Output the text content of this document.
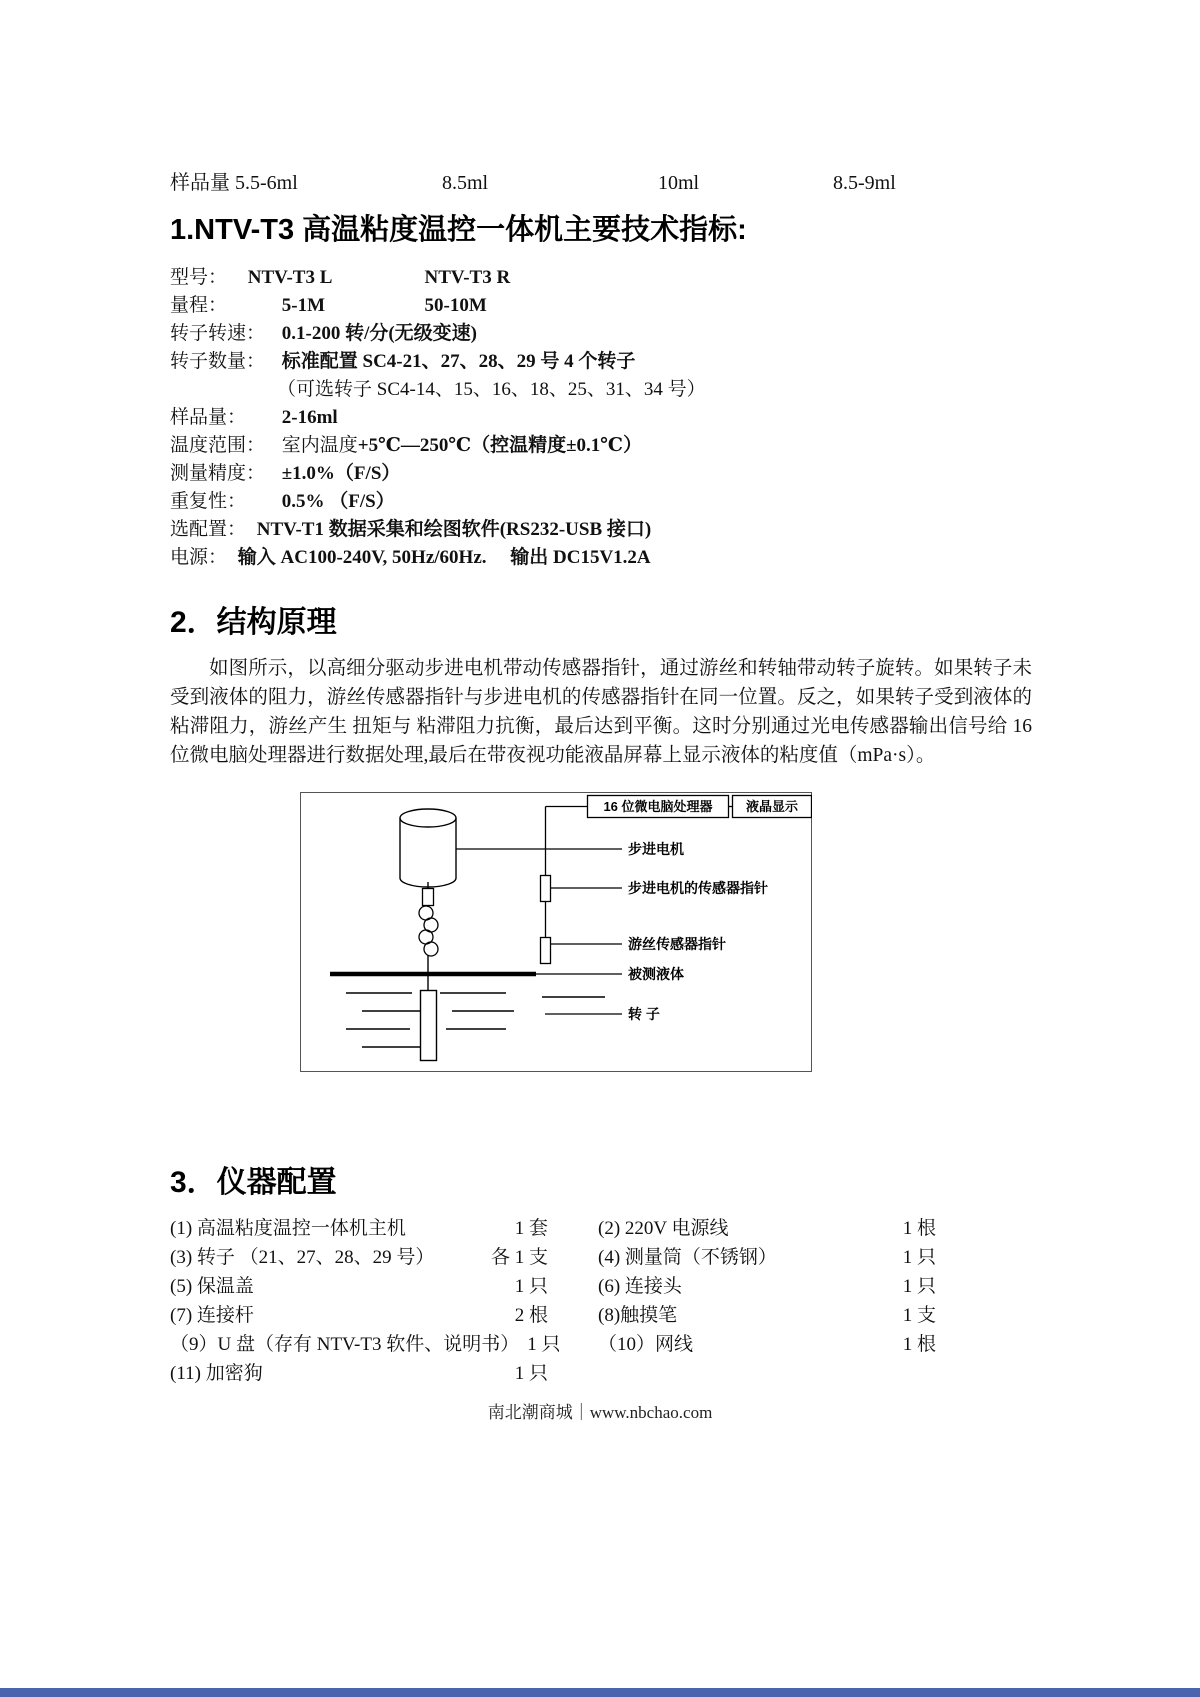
样品量 5.5-6ml	8.5ml	10ml	8.5-9ml
1.NTV-T3 高温粘度温控一体机主要技术指标:
型号： NTV-T3 L	NTV-T3 R
量程：	5-1M	50-10M
转子转速： 0.1-200 转/分(无级变速)
转子数量： 标准配置 SC4-21、27、28、29 号 4 个转子
（可选转子 SC4-14、15、16、18、25、31、34 号）
样品量： 2-16ml
温度范围： 室内温度+5℃—250℃（控温精度±0.1℃）
测量精度： ±1.0%（F/S）
重复性： 0.5% （F/S）
选配置： NTV-T1 数据采集和绘图软件(RS232-USB 接口)
电源： 输入 AC100-240V, 50Hz/60Hz.　 输出 DC15V1.2A
2．结构原理

如图所示，以高细分驱动步进电机带动传感器指针，通过游丝和转轴带动转子旋转。如果转子未受到液体的阻力，游丝传感器指针与步进电机的传感器指针在同一位置。反之，如果转子受到液体的粘滞阻力，游丝产生 扭矩与 粘滞阻力抗衡，最后达到平衡。这时分别通过光电传感器输出信号给 16 位微电脑处理器进行数据处理,最后在带夜视功能液晶屏幕上显示液体的粘度值（mPa·s）。

16 位微电脑处理器	液晶显示
步进电机
步进电机的传感器指针
游丝传感器指针
被测液体
转 子
3．仪器配置
(1) 高温粘度温控一体机主机	1 套	(2) 220V 电源线	1 根
(3) 转子 （21、27、28、29 号）	各 1 支	(4) 测量筒（不锈钢）	1 只
(5) 保温盖	1 只	(6) 连接头	1 只
(7) 连接杆	2 根	(8)触摸笔	1 支
（9）U 盘（存有 NTV-T3 软件、说明书） 1 只 （10）网线	1 根
(11) 加密狗	1 只
南北潮商城｜www.nbchao.com
